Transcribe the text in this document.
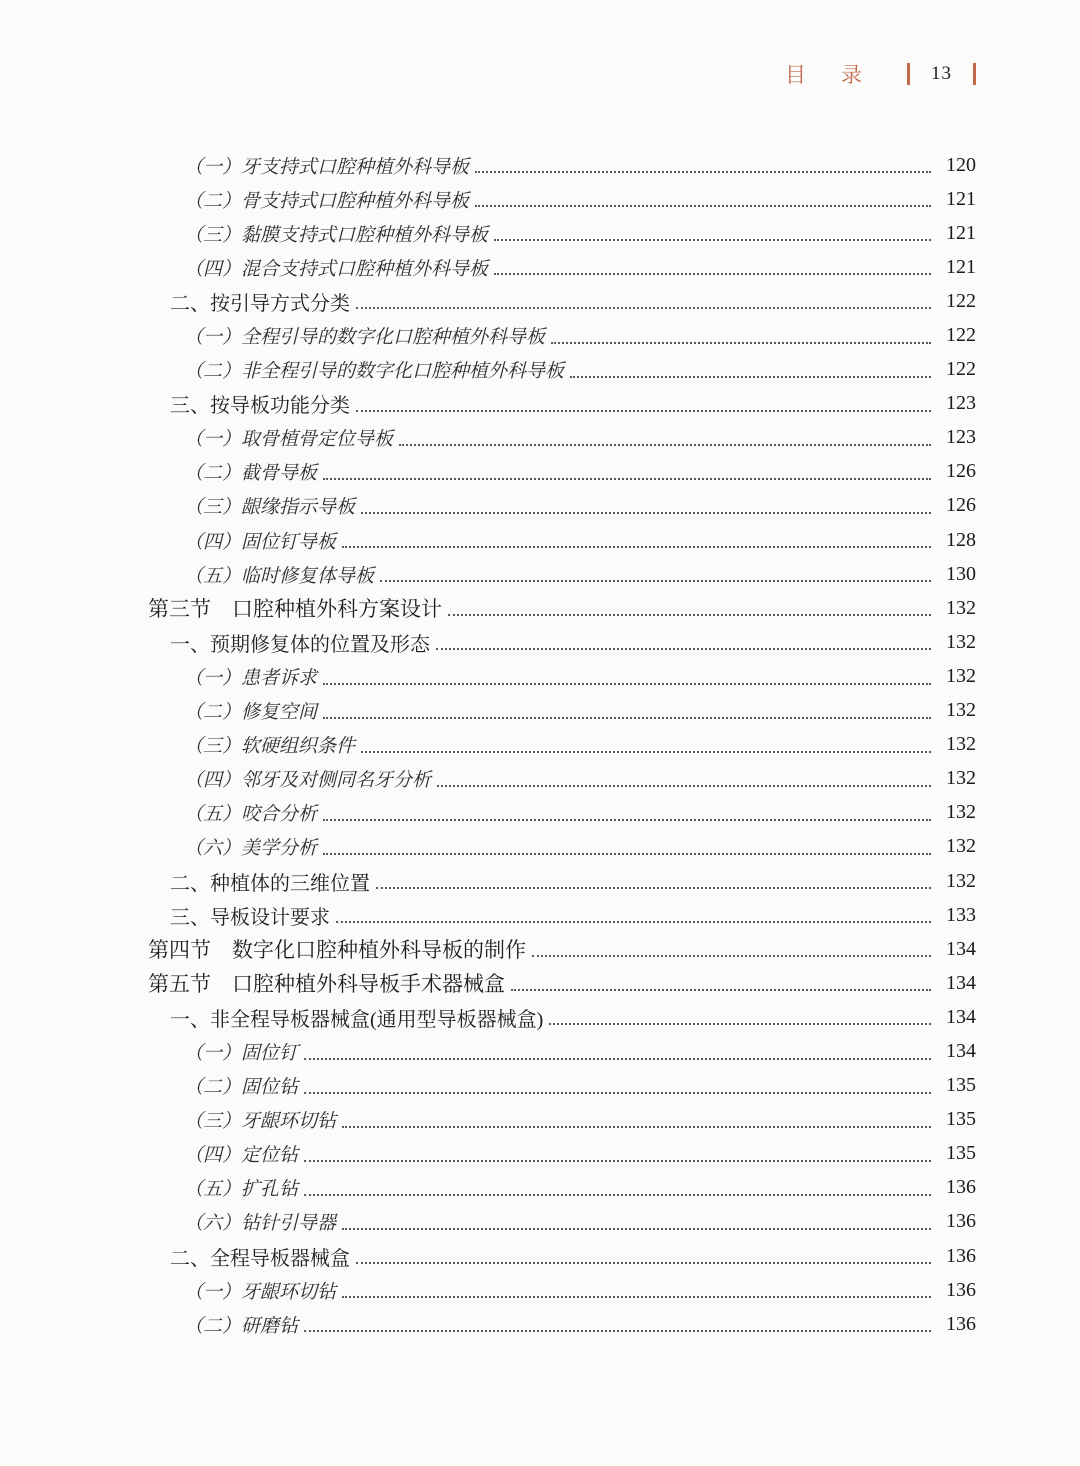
目　录	13
（一）牙支持式口腔种植外科导板	120
（二）骨支持式口腔种植外科导板	121
（三）黏膜支持式口腔种植外科导板	121
（四）混合支持式口腔种植外科导板	121
二、按引导方式分类	122
（一）全程引导的数字化口腔种植外科导板	122
（二）非全程引导的数字化口腔种植外科导板	122
三、按导板功能分类	123
（一）取骨植骨定位导板	123
（二）截骨导板	126
（三）龈缘指示导板	126
（四）固位钉导板	128
（五）临时修复体导板	130
第三节　口腔种植外科方案设计	132
一、预期修复体的位置及形态	132
（一）患者诉求	132
（二）修复空间	132
（三）软硬组织条件	132
（四）邻牙及对侧同名牙分析	132
（五）咬合分析	132
（六）美学分析	132
二、种植体的三维位置	132
三、导板设计要求	133
第四节　数字化口腔种植外科导板的制作	134
第五节　口腔种植外科导板手术器械盒	134
一、非全程导板器械盒(通用型导板器械盒)	134
（一）固位钉	134
（二）固位钻	135
（三）牙龈环切钻	135
（四）定位钻	135
（五）扩孔钻	136
（六）钻针引导器	136
二、全程导板器械盒	136
（一）牙龈环切钻	136
（二）研磨钻	136
